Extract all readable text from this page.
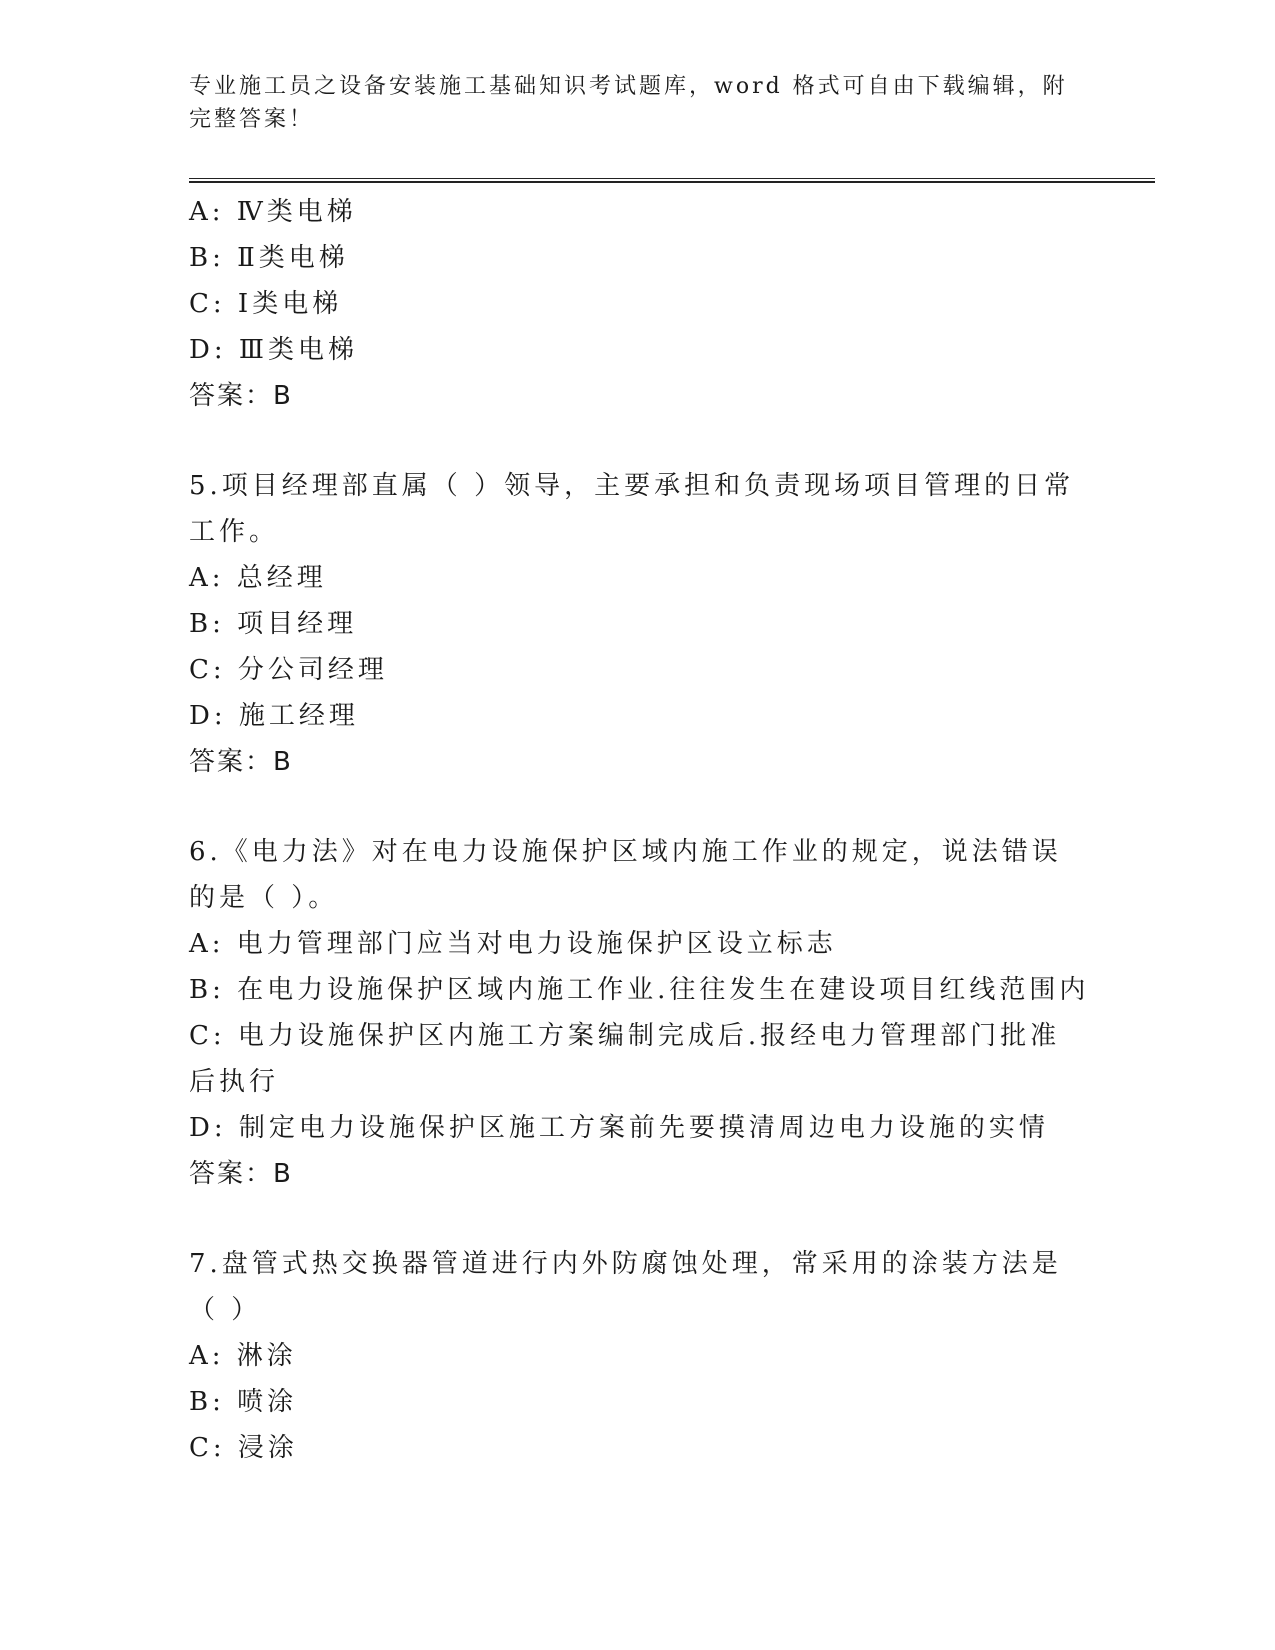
专业施工员之设备安装施工基础知识考试题库，word 格式可自由下载编辑，附完整答案！

A: Ⅳ类电梯
B: Ⅱ类电梯
C: Ⅰ类电梯
D: Ⅲ类电梯
答案：B
5.项目经理部直属（ ）领导，主要承担和负责现场项目管理的日常工作。
A: 总经理
B: 项目经理
C: 分公司经理
D: 施工经理
答案：B
6.《电力法》对在电力设施保护区域内施工作业的规定，说法错误的是（ ）。
A: 电力管理部门应当对电力设施保护区设立标志
B: 在电力设施保护区域内施工作业.往往发生在建设项目红线范围内
C: 电力设施保护区内施工方案编制完成后.报经电力管理部门批准后执行
D: 制定电力设施保护区施工方案前先要摸清周边电力设施的实情
答案：B
7.盘管式热交换器管道进行内外防腐蚀处理，常采用的涂装方法是（ ）
A: 淋涂
B: 喷涂
C: 浸涂
